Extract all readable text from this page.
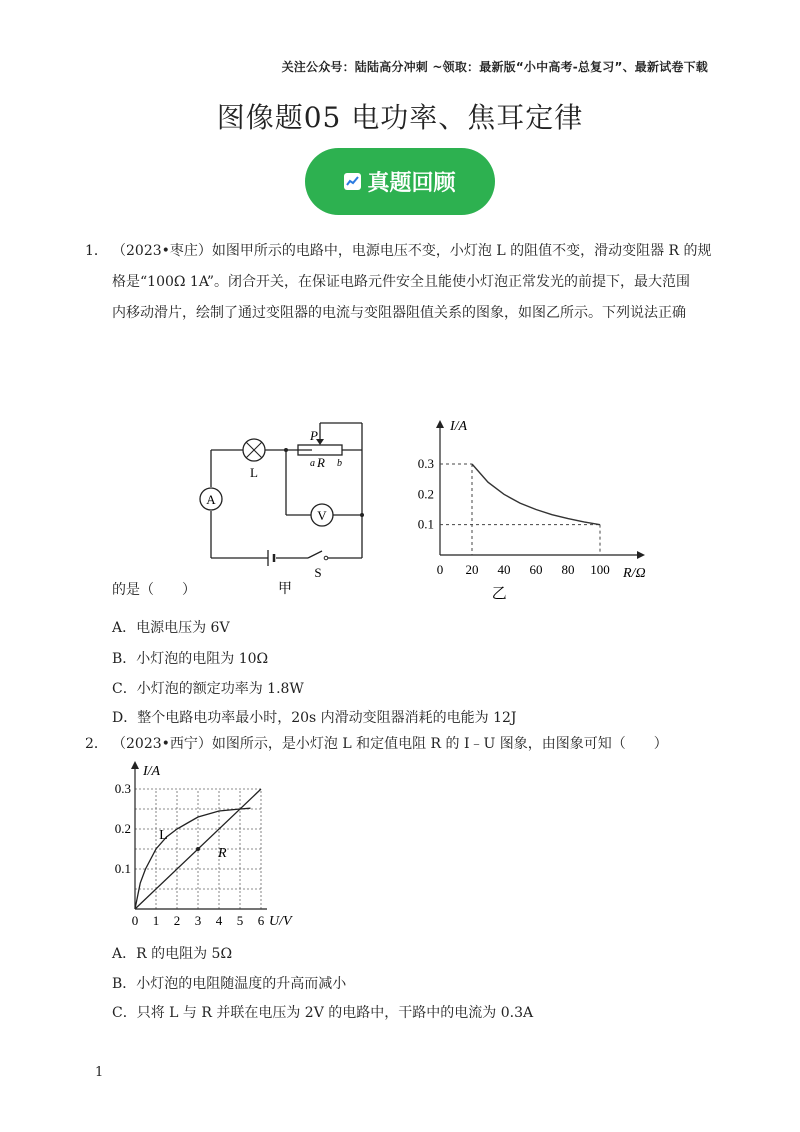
关注公众号：陆陆高分冲刺 ~领取：最新版“小中高考-总复习”、最新试卷下载
图像题05 电功率、焦耳定律
真题回顾
1． （2023•枣庄）如图甲所示的电路中，电源电压不变，小灯泡 L 的阻值不变，滑动变阻器 R 的规
格是“100Ω 1A”。闭合开关，在保证电路元件安全且能使小灯泡正常发光的前提下，最大范围
内移动滑片，绘制了通过变阻器的电流与变阻器阻值关系的图象，如图乙所示。下列说法正确
的是（　　）
A
V
L
P
a R b
S
甲
0 20 40 60 80 100
0.1
0.2
0.3
I/A
R/Ω
乙
A．电源电压为 6V
B．小灯泡的电阻为 10Ω
C．小灯泡的额定功率为 1.8W
D．整个电路电功率最小时，20s 内滑动变阻器消耗的电能为 12J
2． （2023•西宁）如图所示，是小灯泡 L 和定值电阻 R 的 I﹣U 图象，由图象可知（　　）
0 1 2 3 4 5 6
0.1
0.2
0.3
I/A
U/V
L
R
A．R 的电阻为 5Ω
B．小灯泡的电阻随温度的升高而减小
C．只将 L 与 R 并联在电压为 2V 的电路中，干路中的电流为 0.3A
1
